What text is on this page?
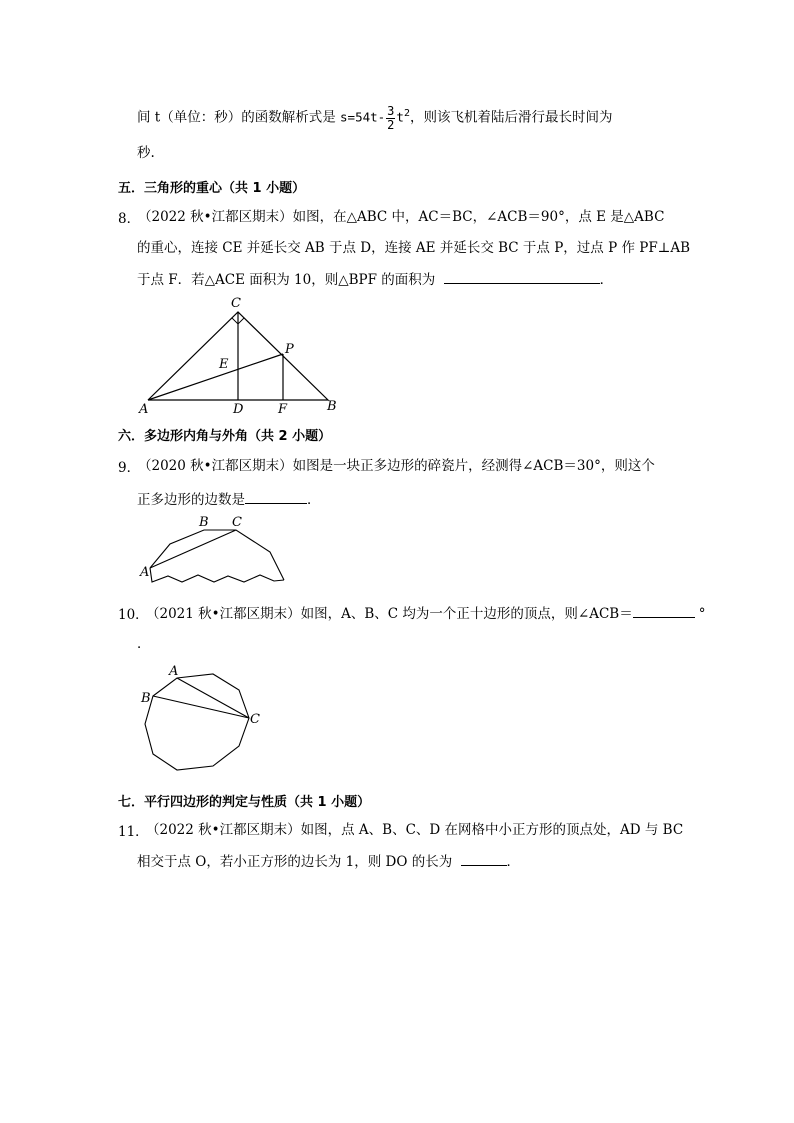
间 t（单位：秒）的函数解析式是 $s=54t- \frac{3}{2} t^2$，则该飞机着陆后滑行最长时间为
秒.
五．三角形的重心（共 1 小题）
8．
（2022 秋•江都区期末）如图，在△ABC 中，AC＝BC，∠ACB＝90°，点 E 是△ABC
的重心，连接 CE 并延长交 AB 于点 D，连接 AE 并延长交 BC 于点 P，过点 P 作 PF⊥AB
于点 F．若△ACE 面积为 10，则△BPF 的面积为	．
C
P
E
A	D	F	B
六．多边形内角与外角（共 2 小题）
9．
（2020 秋•江都区期末）如图是一块正多边形的碎瓷片，经测得∠ACB＝30°，则这个
正多边形的边数是	．
B C
A
10．
（2021 秋•江都区期末）如图，A、B、C 均为一个正十边形的顶点，则∠ACB＝	°
．
A
B
C
七．平行四边形的判定与性质（共 1 小题）
11．
（2022 秋•江都区期末）如图，点 A、B、C、D 在网格中小正方形的顶点处，AD 与 BC
相交于点 O，若小正方形的边长为 1，则 DO 的长为	．
